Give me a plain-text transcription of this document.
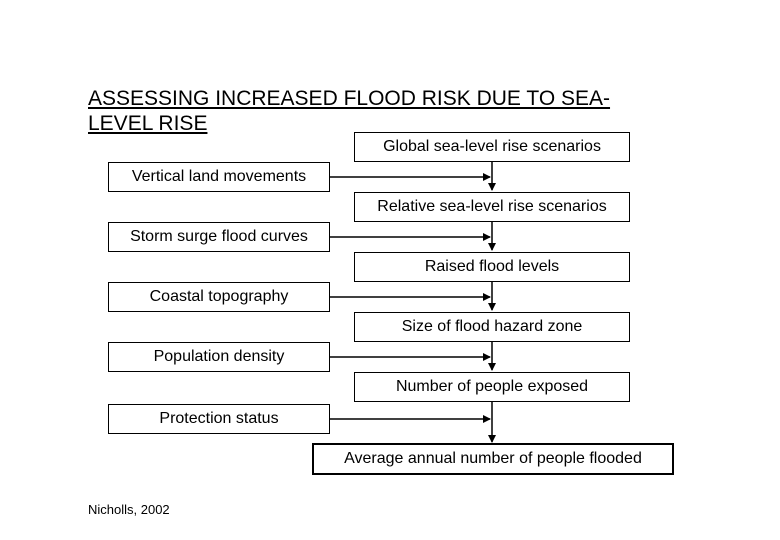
ASSESSING INCREASED FLOOD RISK DUE TO SEA-
LEVEL RISE
Global sea-level rise scenarios
Relative sea-level rise scenarios
Raised flood levels
Size of flood hazard zone
Number of people exposed
Average annual number of people flooded
Vertical land movements
Storm surge flood curves
Coastal topography
Population density
Protection status
Nicholls, 2002
